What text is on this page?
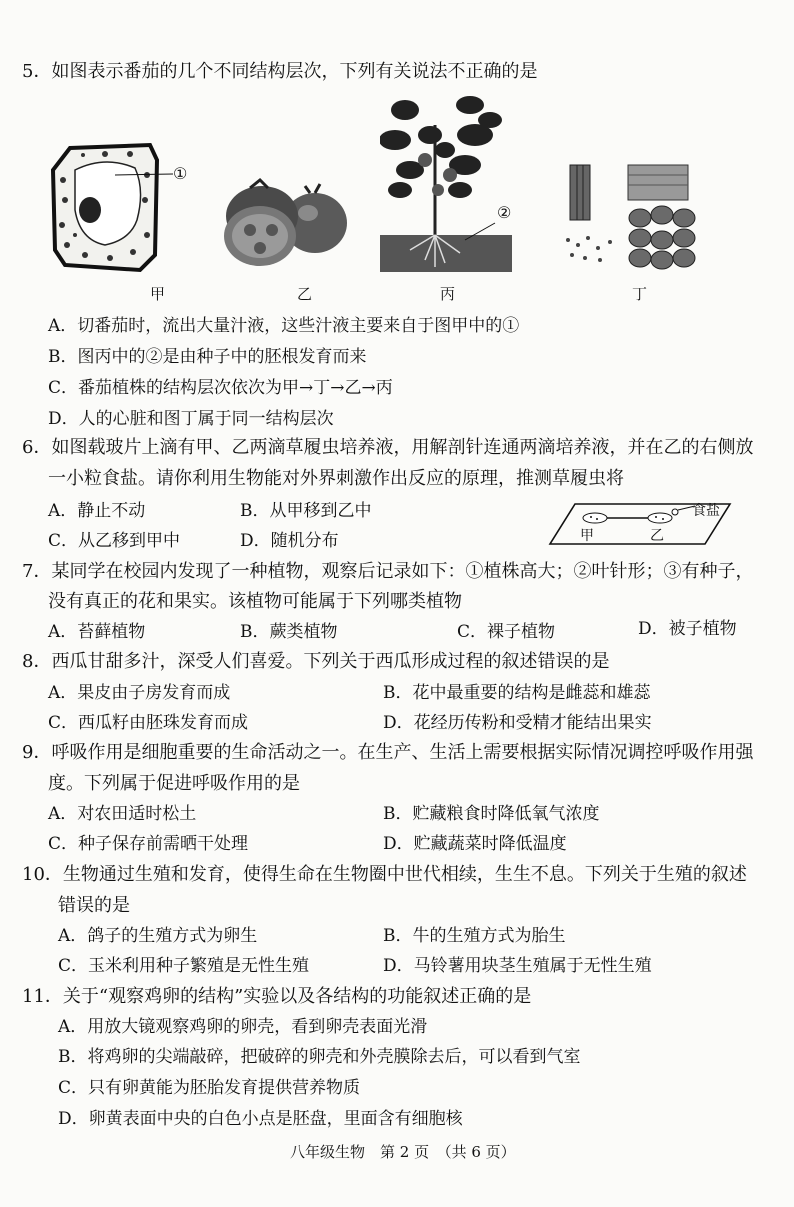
5．如图表示番茄的几个不同结构层次，下列有关说法不正确的是
①
②
甲	乙	丙	丁
A．切番茄时，流出大量汁液，这些汁液主要来自于图甲中的①
B．图丙中的②是由种子中的胚根发育而来
C．番茄植株的结构层次依次为甲→丁→乙→丙
D．人的心脏和图丁属于同一结构层次
6．如图载玻片上滴有甲、乙两滴草履虫培养液，用解剖针连通两滴培养液，并在乙的右侧放
一小粒食盐。请你利用生物能对外界刺激作出反应的原理，推测草履虫将
A．静止不动	B．从甲移到乙中
C．从乙移到甲中	D．随机分布
食盐
甲	乙
7．某同学在校园内发现了一种植物，观察后记录如下：①植株高大；②叶针形；③有种子，
没有真正的花和果实。该植物可能属于下列哪类植物
A．苔藓植物	B．蕨类植物	C．裸子植物	D．被子植物
8．西瓜甘甜多汁，深受人们喜爱。下列关于西瓜形成过程的叙述错误的是
A．果皮由子房发育而成	B．花中最重要的结构是雌蕊和雄蕊
C．西瓜籽由胚珠发育而成	D．花经历传粉和受精才能结出果实
9．呼吸作用是细胞重要的生命活动之一。在生产、生活上需要根据实际情况调控呼吸作用强
度。下列属于促进呼吸作用的是
A．对农田适时松土	B．贮藏粮食时降低氧气浓度
C．种子保存前需晒干处理	D．贮藏蔬菜时降低温度
10．生物通过生殖和发育，使得生命在生物圈中世代相续，生生不息。下列关于生殖的叙述
错误的是
A．鸽子的生殖方式为卵生	B．牛的生殖方式为胎生
C．玉米利用种子繁殖是无性生殖	D．马铃薯用块茎生殖属于无性生殖
11．关于“观察鸡卵的结构”实验以及各结构的功能叙述正确的是
A．用放大镜观察鸡卵的卵壳，看到卵壳表面光滑
B．将鸡卵的尖端敲碎，把破碎的卵壳和外壳膜除去后，可以看到气室
C．只有卵黄能为胚胎发育提供营养物质
D．卵黄表面中央的白色小点是胚盘，里面含有细胞核
八年级生物　第 2 页　（共 6 页）
